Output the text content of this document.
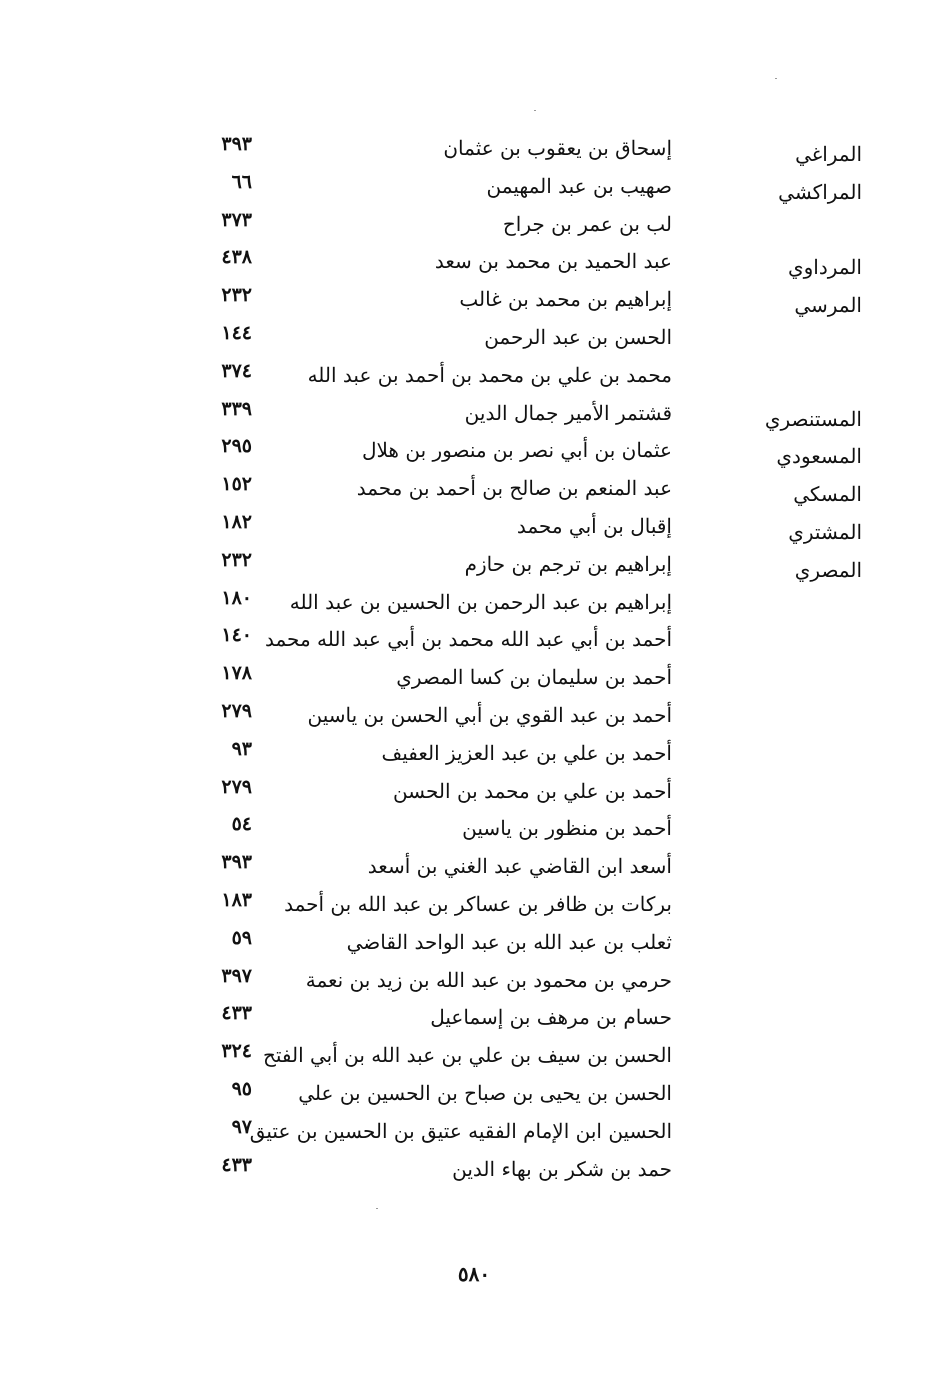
المراغي
إسحاق بن يعقوب بن عثمان
٣٩٣
المراكشي
صهيب بن عبد المهيمن
٦٦
لب بن عمر بن جراح
٣٧٣
المرداوي
عبد الحميد بن محمد بن سعد
٤٣٨
المرسي
إبراهيم بن محمد بن غالب
٢٣٢
الحسن بن عبد الرحمن
١٤٤
محمد بن علي بن محمد بن أحمد بن عبد الله
٣٧٤
المستنصري
قشتمر الأمير جمال الدين
٣٣٩
المسعودي
عثمان بن أبي نصر بن منصور بن هلال
٢٩٥
المسكي
عبد المنعم بن صالح بن أحمد بن محمد
١٥٢
المشتري
إقبال بن أبي محمد
١٨٢
المصري
إبراهيم بن ترجم بن حازم
٢٣٢
إبراهيم بن عبد الرحمن بن الحسين بن عبد الله
١٨٠
أحمد بن أبي عبد الله محمد بن أبي عبد الله محمد
١٤٠
أحمد بن سليمان بن كسا المصري
١٧٨
أحمد بن عبد القوي بن أبي الحسن بن ياسين
٢٧٩
أحمد بن علي بن عبد العزيز العفيف
٩٣
أحمد بن علي بن محمد بن الحسن
٢٧٩
أحمد بن منظور بن ياسين
٥٤
أسعد ابن القاضي عبد الغني بن أسعد
٣٩٣
بركات بن ظافر بن عساكر بن عبد الله بن أحمد
١٨٣
ثعلب بن عبد الله بن عبد الواحد القاضي
٥٩
حرمي بن محمود بن عبد الله بن زيد بن نعمة
٣٩٧
حسام بن مرهف بن إسماعيل
٤٣٣
الحسن بن سيف بن علي بن عبد الله بن أبي الفتح
٣٢٤
الحسن بن يحيى بن صباح بن الحسين بن علي
٩٥
الحسين ابن الإمام الفقيه عتيق بن الحسين بن عتيق
٩٧
حمد بن شكر بن بهاء الدين
٤٣٣
٥٨٠
